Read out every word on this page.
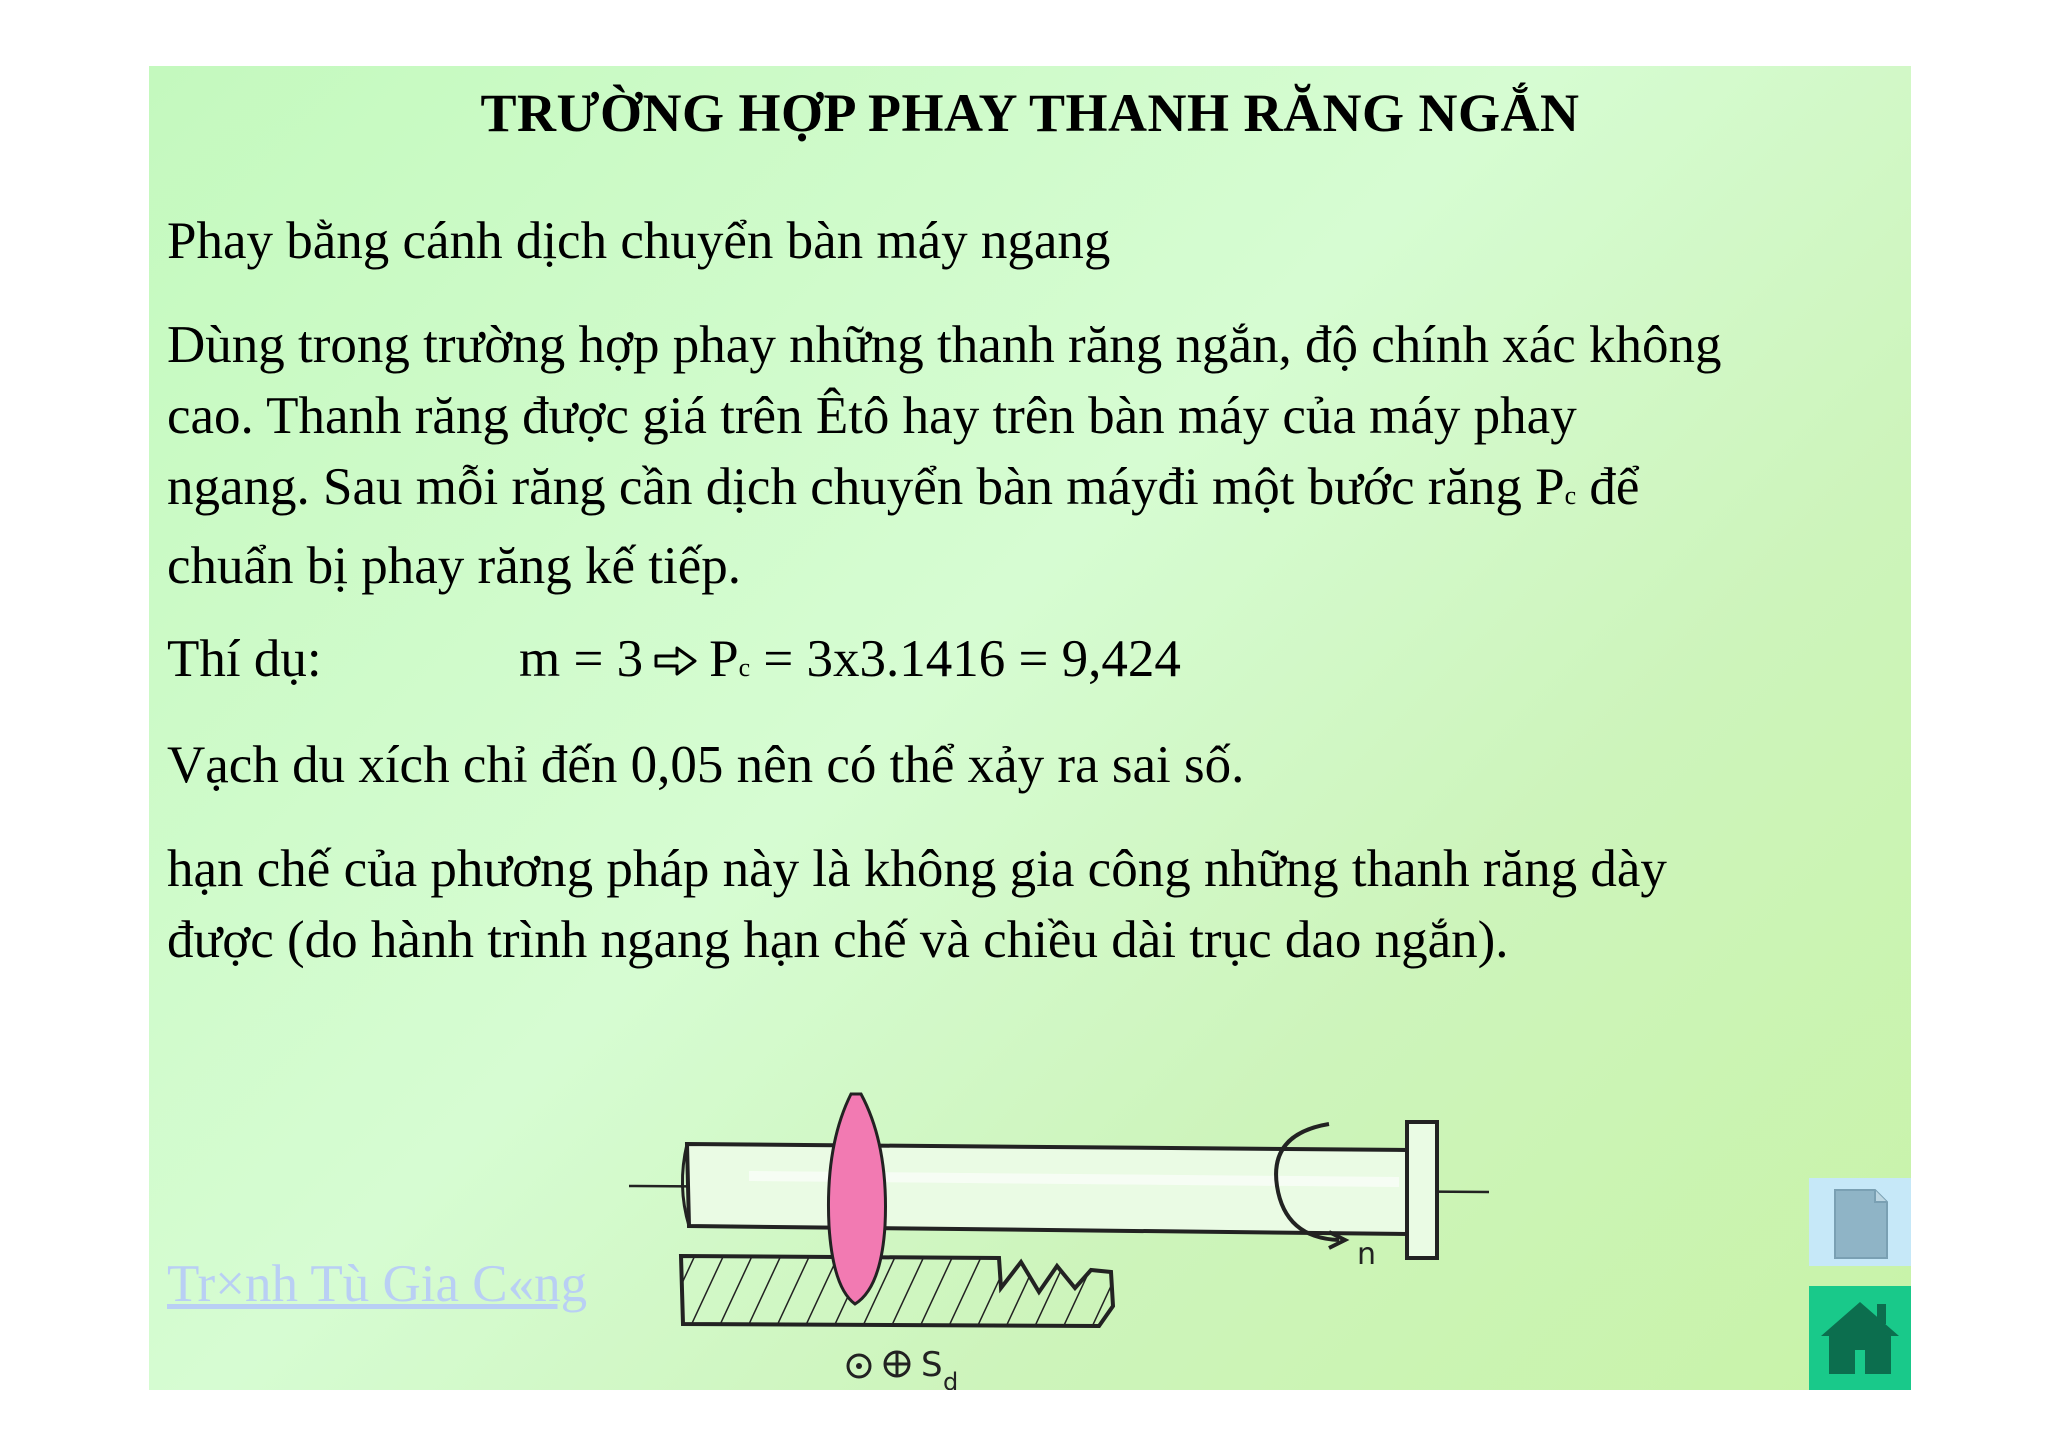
TRƯỜNG HỢP PHAY THANH RĂNG NGẮN

Phay bằng cánh dịch chuyển bàn máy ngang

Dùng trong trường hợp phay những thanh răng ngắn, độ chính xác không
cao. Thanh răng được giá trên Êtô hay trên bàn máy của máy phay
ngang. Sau mỗi răng cần dịch chuyển bàn máyđi một bước răng Pc để
chuẩn bị phay răng kế tiếp.
Thí dụ:	m = 3 Pc = 3x3.1416 = 9,424

Vạch du xích chỉ đến 0,05 nên có thể xảy ra sai số.

hạn chế của phương pháp này là không gia công những thanh răng dày
được (do hành trình ngang hạn chế và chiều dài trục dao ngắn).
n
S d
Tr×nh Tù Gia C«ng
